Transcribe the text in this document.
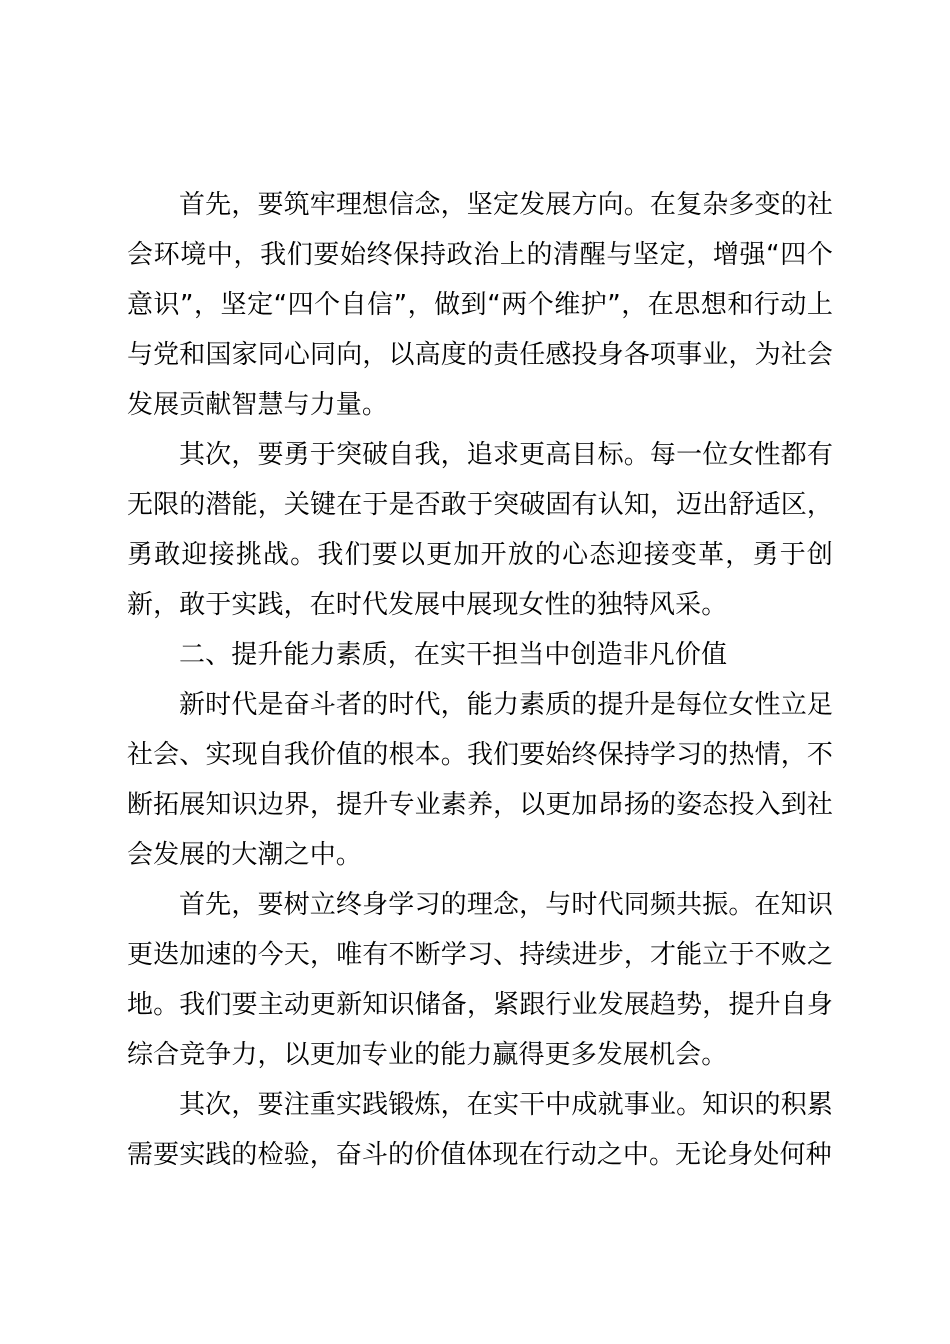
首先，要筑牢理想信念，坚定发展方向。在复杂多变的社会环境中，我们要始终保持政治上的清醒与坚定，增强“四个意识”，坚定“四个自信”，做到“两个维护”，在思想和行动上与党和国家同心同向，以高度的责任感投身各项事业，为社会发展贡献智慧与力量。

其次，要勇于突破自我，追求更高目标。每一位女性都有无限的潜能，关键在于是否敢于突破固有认知，迈出舒适区，勇敢迎接挑战。我们要以更加开放的心态迎接变革，勇于创新，敢于实践，在时代发展中展现女性的独特风采。

二、提升能力素质，在实干担当中创造非凡价值

新时代是奋斗者的时代，能力素质的提升是每位女性立足社会、实现自我价值的根本。我们要始终保持学习的热情，不断拓展知识边界，提升专业素养，以更加昂扬的姿态投入到社会发展的大潮之中。

首先，要树立终身学习的理念，与时代同频共振。在知识更迭加速的今天，唯有不断学习、持续进步，才能立于不败之地。我们要主动更新知识储备，紧跟行业发展趋势，提升自身综合竞争力，以更加专业的能力赢得更多发展机会。

其次，要注重实践锻炼，在实干中成就事业。知识的积累需要实践的检验，奋斗的价值体现在行动之中。无论身处何种
